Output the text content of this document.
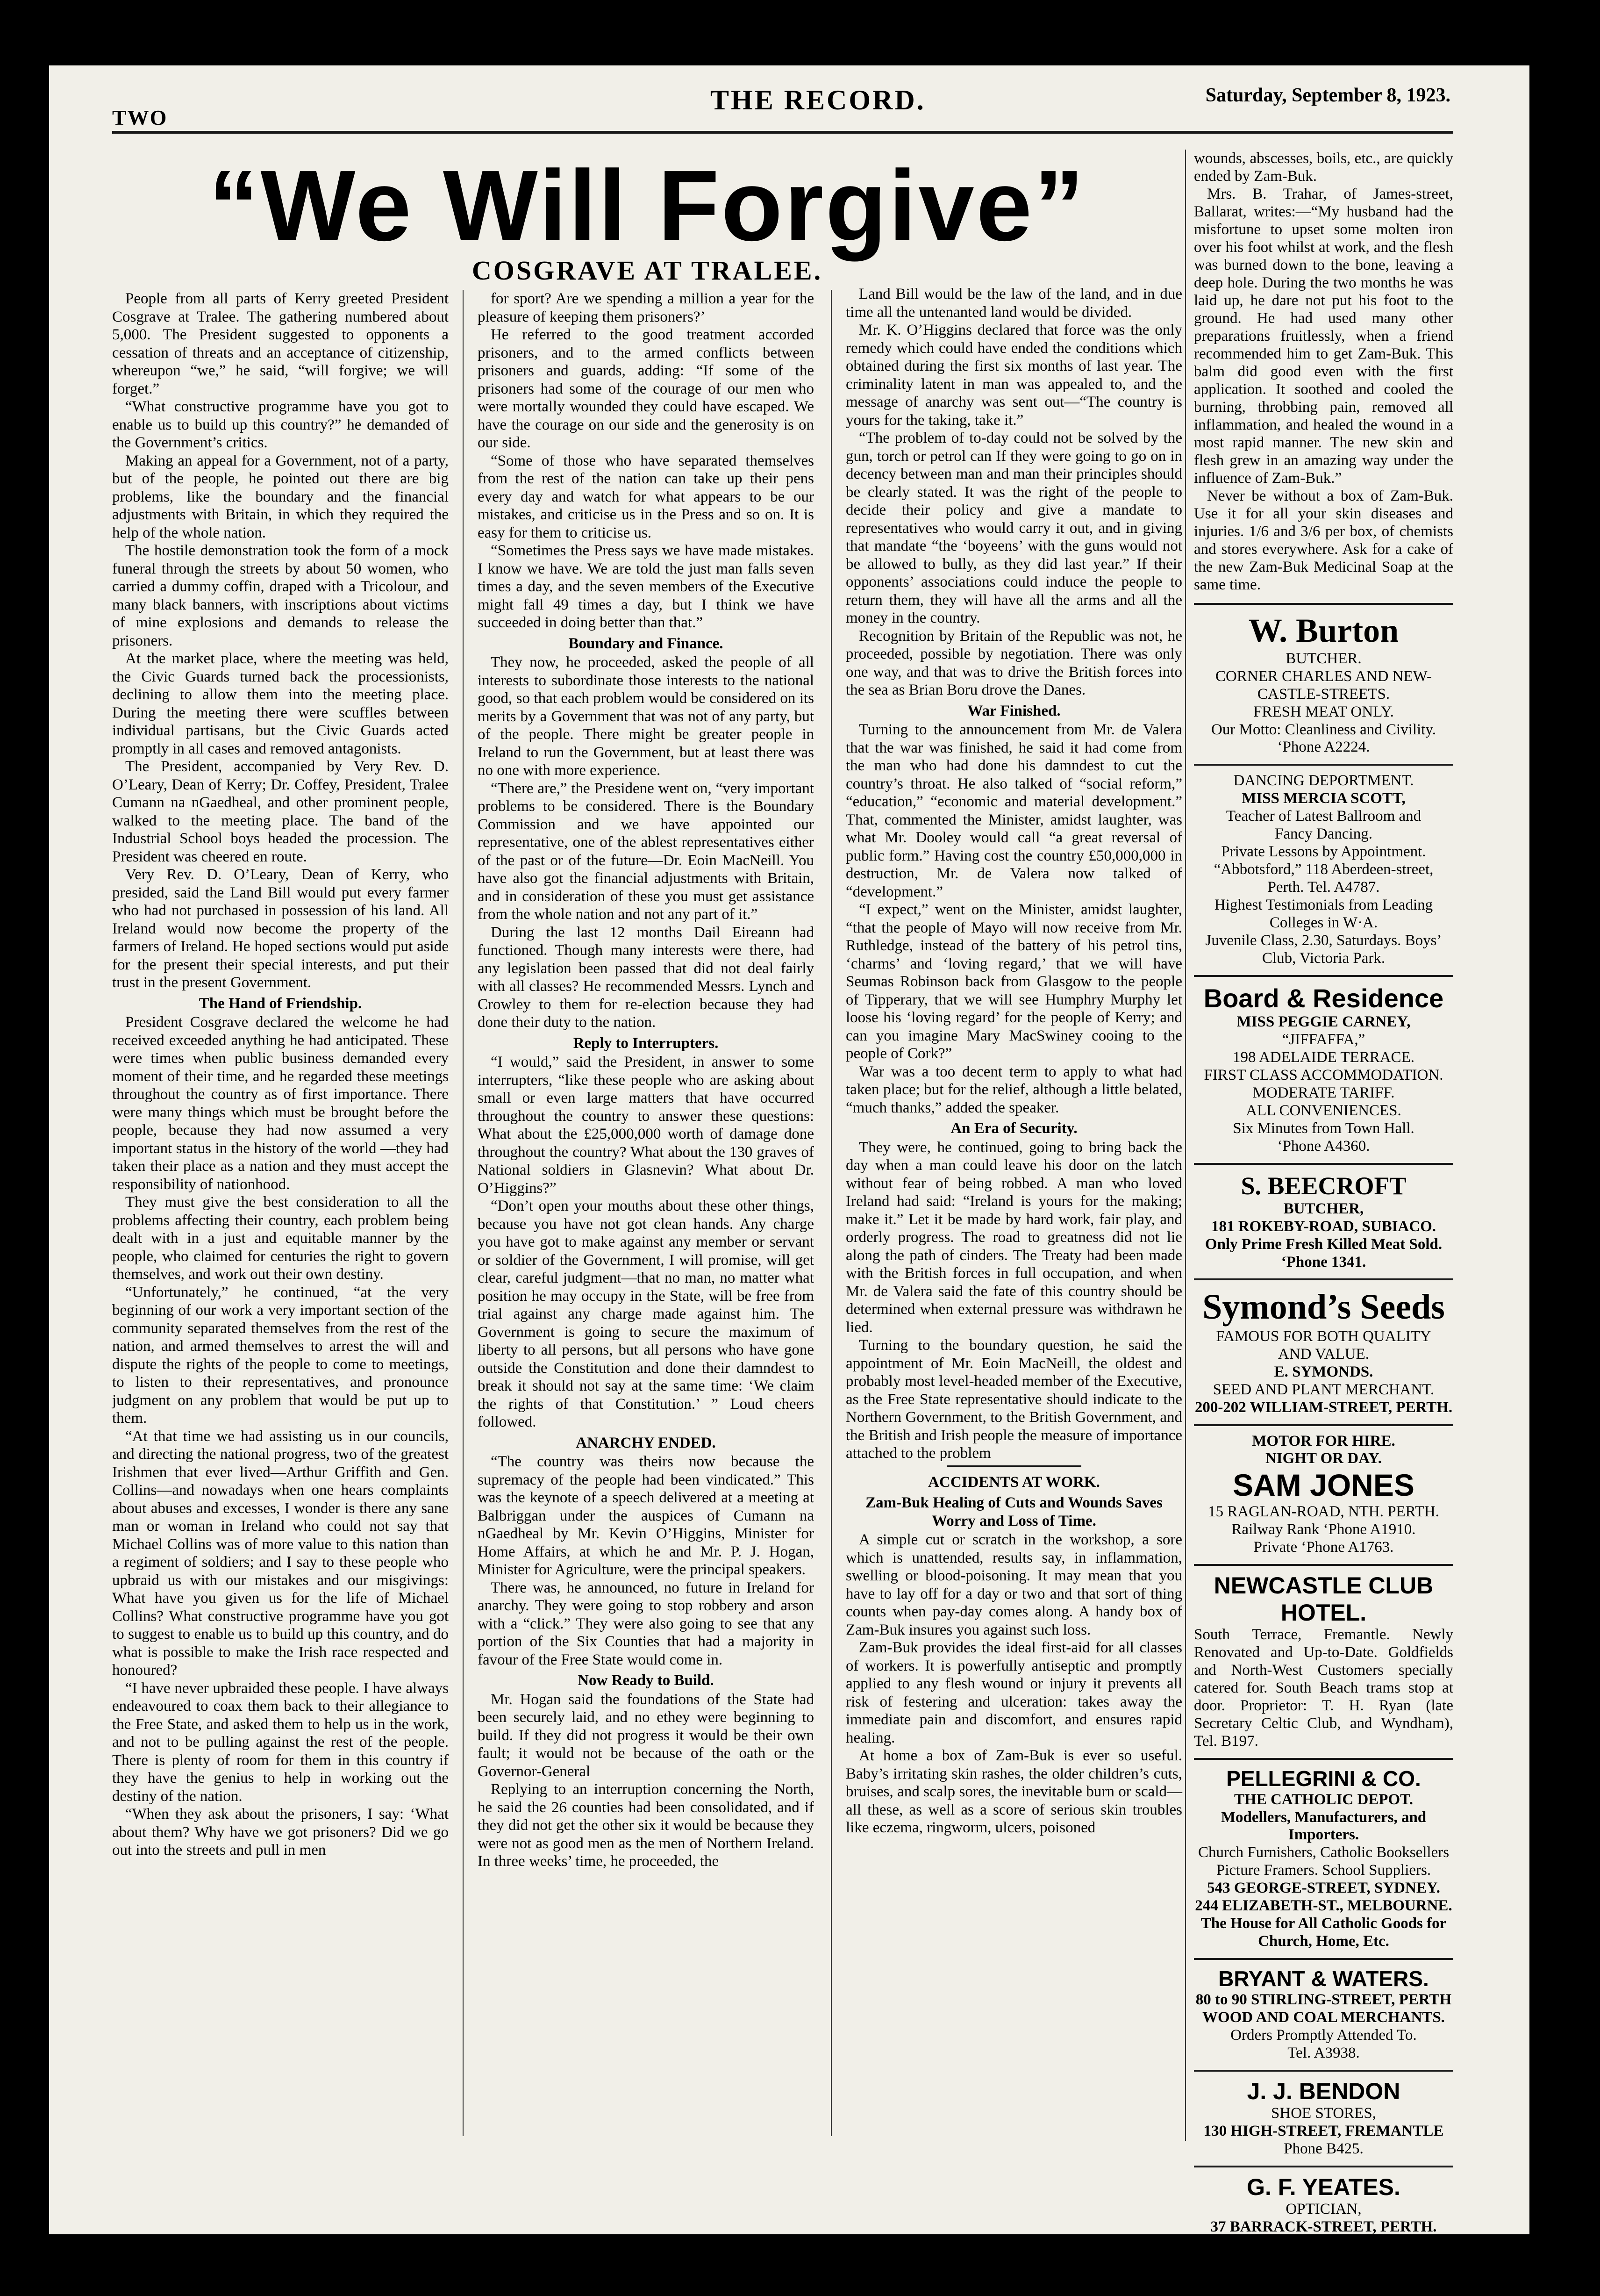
TWO
THE RECORD.	Saturday, September 8, 1923.
“We Will Forgive”
COSGRAVE AT TRALEE.

People from all parts of Kerry greeted President Cosgrave at Tralee. The gathering numbered about 5,000. The President suggested to opponents a cessation of threats and an acceptance of citizenship, whereupon “we,” he said, “will forgive; we will forget.”

“What constructive programme have you got to enable us to build up this country?” he demanded of the Government’s critics.

Making an appeal for a Government, not of a party, but of the people, he pointed out there are big problems, like the boundary and the financial adjustments with Britain, in which they required the help of the whole nation.

The hostile demonstration took the form of a mock funeral through the streets by about 50 women, who carried a dummy coffin, draped with a Tricolour, and many black banners, with inscriptions about victims of mine explosions and demands to release the prisoners.

At the market place, where the meeting was held, the Civic Guards turned back the processionists, declining to allow them into the meeting place. During the meeting there were scuffles between individual partisans, but the Civic Guards acted promptly in all cases and removed antagonists.

The President, accompanied by Very Rev. D. O’Leary, Dean of Kerry; Dr. Coffey, President, Tralee Cumann na nGaedheal, and other prominent people, walked to the meeting place. The band of the Industrial School boys headed the procession. The President was cheered en route.

Very Rev. D. O’Leary, Dean of Kerry, who presided, said the Land Bill would put every farmer who had not purchased in possession of his land. All Ireland would now become the property of the farmers of Ireland. He hoped sections would put aside for the present their special interests, and put their trust in the present Government.

The Hand of Friendship.

President Cosgrave declared the welcome he had received exceeded anything he had anticipated. These were times when public business demanded every moment of their time, and he regarded these meetings throughout the country as of first importance. There were many things which must be brought before the people, because they had now assumed a very important status in the history of the world —they had taken their place as a nation and they must accept the responsibility of nationhood.

They must give the best consideration to all the problems affecting their country, each problem being dealt with in a just and equitable manner by the people, who claimed for centuries the right to govern themselves, and work out their own destiny.

“Unfortunately,” he continued, “at the very beginning of our work a very important section of the community separated themselves from the rest of the nation, and armed themselves to arrest the will and dispute the rights of the people to come to meetings, to listen to their representatives, and pronounce judgment on any problem that would be put up to them.

“At that time we had assisting us in our councils, and directing the national progress, two of the greatest Irishmen that ever lived—Arthur Griffith and Gen. Collins—and nowadays when one hears complaints about abuses and excesses, I wonder is there any sane man or woman in Ireland who could not say that Michael Collins was of more value to this nation than a regiment of soldiers; and I say to these people who upbraid us with our mistakes and our misgivings: What have you given us for the life of Michael Collins? What constructive programme have you got to suggest to enable us to build up this country, and do what is possible to make the Irish race respected and honoured?

“I have never upbraided these people. I have always endeavoured to coax them back to their allegiance to the Free State, and asked them to help us in the work, and not to be pulling against the rest of the people. There is plenty of room for them in this country if they have the genius to help in working out the destiny of the nation.

“When they ask about the prisoners, I say: ‘What about them? Why have we got prisoners? Did we go out into the streets and pull in men

for sport? Are we spending a million a year for the pleasure of keeping them prisoners?’

He referred to the good treatment accorded prisoners, and to the armed conflicts between prisoners and guards, adding: “If some of the prisoners had some of the courage of our men who were mortally wounded they could have escaped. We have the courage on our side and the generosity is on our side.

“Some of those who have separated themselves from the rest of the nation can take up their pens every day and watch for what appears to be our mistakes, and criticise us in the Press and so on. It is easy for them to criticise us.

“Sometimes the Press says we have made mistakes. I know we have. We are told the just man falls seven times a day, and the seven members of the Executive might fall 49 times a day, but I think we have succeeded in doing better than that.”

Boundary and Finance.

They now, he proceeded, asked the people of all interests to subordinate those interests to the national good, so that each problem would be considered on its merits by a Government that was not of any party, but of the people. There might be greater people in Ireland to run the Government, but at least there was no one with more experience.

“There are,” the Presidene went on, “very important problems to be considered. There is the Boundary Commission and we have appointed our representative, one of the ablest representatives either of the past or of the future—Dr. Eoin MacNeill. You have also got the financial adjustments with Britain, and in consideration of these you must get assistance from the whole nation and not any part of it.”

During the last 12 months Dail Eireann had functioned. Though many interests were there, had any legislation been passed that did not deal fairly with all classes? He recommended Messrs. Lynch and Crowley to them for re-election because they had done their duty to the nation.

Reply to Interrupters.

“I would,” said the President, in answer to some interrupters, “like these people who are asking about small or even large matters that have occurred throughout the country to answer these questions: What about the £25,000,000 worth of damage done throughout the country? What about the 130 graves of National soldiers in Glasnevin? What about Dr. O’Higgins?”

“Don’t open your mouths about these other things, because you have not got clean hands. Any charge you have got to make against any member or servant or soldier of the Government, I will promise, will get clear, careful judgment—that no man, no matter what position he may occupy in the State, will be free from trial against any charge made against him. The Government is going to secure the maximum of liberty to all persons, but all persons who have gone outside the Constitution and done their damndest to break it should not say at the same time: ‘We claim the rights of that Constitution.’ ” Loud cheers followed.

ANARCHY ENDED.

“The country was theirs now because the supremacy of the people had been vindicated.” This was the keynote of a speech delivered at a meeting at Balbriggan under the auspices of Cumann na nGaedheal by Mr. Kevin O’Higgins, Minister for Home Affairs, at which he and Mr. P. J. Hogan, Minister for Agriculture, were the principal speakers.

There was, he announced, no future in Ireland for anarchy. They were going to stop robbery and arson with a “click.” They were also going to see that any portion of the Six Counties that had a majority in favour of the Free State would come in.

Now Ready to Build.

Mr. Hogan said the foundations of the State had been securely laid, and no ethey were beginning to build. If they did not progress it would be their own fault; it would not be because of the oath or the Governor-General

Replying to an interruption concerning the North, he said the 26 counties had been consolidated, and if they did not get the other six it would be because they were not as good men as the men of Northern Ireland. In three weeks’ time, he proceeded, the

Land Bill would be the law of the land, and in due time all the untenanted land would be divided.

Mr. K. O’Higgins declared that force was the only remedy which could have ended the conditions which obtained during the first six months of last year. The criminality latent in man was appealed to, and the message of anarchy was sent out—“The country is yours for the taking, take it.”

“The problem of to-day could not be solved by the gun, torch or petrol can If they were going to go on in decency between man and man their principles should be clearly stated. It was the right of the people to decide their policy and give a mandate to representatives who would carry it out, and in giving that mandate “the ‘boyeens’ with the guns would not be allowed to bully, as they did last year.” If their opponents’ associations could induce the people to return them, they will have all the arms and all the money in the country.

Recognition by Britain of the Republic was not, he proceeded, possible by negotiation. There was only one way, and that was to drive the British forces into the sea as Brian Boru drove the Danes.

War Finished.

Turning to the announcement from Mr. de Valera that the war was finished, he said it had come from the man who had done his damndest to cut the country’s throat. He also talked of “social reform,” “education,” “economic and material development.” That, commented the Minister, amidst laughter, was what Mr. Dooley would call “a great reversal of public form.” Having cost the country £50,000,000 in destruction, Mr. de Valera now talked of “development.”

“I expect,” went on the Minister, amidst laughter, “that the people of Mayo will now receive from Mr. Ruthledge, instead of the battery of his petrol tins, ‘charms’ and ‘loving regard,’ that we will have Seumas Robinson back from Glasgow to the people of Tipperary, that we will see Humphry Murphy let loose his ‘loving regard’ for the people of Kerry; and can you imagine Mary MacSwiney cooing to the people of Cork?”

War was a too decent term to apply to what had taken place; but for the relief, although a little belated, “much thanks,” added the speaker.

An Era of Security.

They were, he continued, going to bring back the day when a man could leave his door on the latch without fear of being robbed. A man who loved Ireland had said: “Ireland is yours for the making; make it.” Let it be made by hard work, fair play, and orderly progress. The road to greatness did not lie along the path of cinders. The Treaty had been made with the British forces in full occupation, and when Mr. de Valera said the fate of this country should be determined when external pressure was withdrawn he lied.

Turning to the boundary question, he said the appointment of Mr. Eoin MacNeill, the oldest and probably most level-headed member of the Executive, as the Free State representative should indicate to the Northern Government, to the British Government, and the British and Irish people the measure of importance attached to the problem

ACCIDENTS AT WORK.
Zam-Buk Healing of Cuts and Wounds Saves Worry and Loss of Time.

A simple cut or scratch in the workshop, a sore which is unattended, results say, in inflammation, swelling or blood-poisoning. It may mean that you have to lay off for a day or two and that sort of thing counts when pay-day comes along. A handy box of Zam-Buk insures you against such loss.

Zam-Buk provides the ideal first-aid for all classes of workers. It is powerfully antiseptic and promptly applied to any flesh wound or injury it prevents all risk of festering and ulceration: takes away the immediate pain and discomfort, and ensures rapid healing.

At home a box of Zam-Buk is ever so useful. Baby’s irritating skin rashes, the older children’s cuts, bruises, and scalp sores, the inevitable burn or scald—all these, as well as a score of serious skin troubles like eczema, ringworm, ulcers, poisoned

wounds, abscesses, boils, etc., are quickly ended by Zam-Buk.

Mrs. B. Trahar, of James-street, Ballarat, writes:—“My husband had the misfortune to upset some molten iron over his foot whilst at work, and the flesh was burned down to the bone, leaving a deep hole. During the two months he was laid up, he dare not put his foot to the ground. He had used many other preparations fruitlessly, when a friend recommended him to get Zam-Buk. This balm did good even with the first application. It soothed and cooled the burning, throbbing pain, removed all inflammation, and healed the wound in a most rapid manner. The new skin and flesh grew in an amazing way under the influence of Zam-Buk.”

Never be without a box of Zam-Buk. Use it for all your skin diseases and injuries. 1/6 and 3/6 per box, of chemists and stores everywhere. Ask for a cake of the new Zam-Buk Medicinal Soap at the same time.

W. Burton
BUTCHER.
CORNER CHARLES AND NEW-
CASTLE-STREETS.
FRESH MEAT ONLY.
Our Motto: Cleanliness and Civility.
‘Phone A2224.
DANCING DEPORTMENT.
MISS MERCIA SCOTT,
Teacher of Latest Ballroom and
Fancy Dancing.
Private Lessons by Appointment.
“Abbotsford,” 118 Aberdeen-street,
Perth. Tel. A4787.
Highest Testimonials from Leading
Colleges in W·A.
Juvenile Class, 2.30, Saturdays. Boys’
Club, Victoria Park.
Board & Residence
MISS PEGGIE CARNEY,
“JIFFAFFA,”
198 ADELAIDE TERRACE.
FIRST CLASS ACCOMMODATION.
MODERATE TARIFF.
ALL CONVENIENCES.
Six Minutes from Town Hall.
‘Phone A4360.
S. BEECROFT
BUTCHER,
181 ROKEBY-ROAD, SUBIACO.
Only Prime Fresh Killed Meat Sold.
‘Phone 1341.
Symond’s Seeds
FAMOUS FOR BOTH QUALITY
AND VALUE.
E. SYMONDS.
SEED AND PLANT MERCHANT.
200-202 WILLIAM-STREET, PERTH.
MOTOR FOR HIRE.
NIGHT OR DAY.
SAM JONES
15 RAGLAN-ROAD, NTH. PERTH.
Railway Rank ‘Phone A1910.
Private ‘Phone A1763.
NEWCASTLE CLUB
HOTEL.
South Terrace, Fremantle. Newly Renovated and Up-to-Date. Goldfields and North-West Customers specially catered for. South Beach trams stop at door. Proprietor: T. H. Ryan (late Secretary Celtic Club, and Wyndham), Tel. B197.
PELLEGRINI & CO.
THE CATHOLIC DEPOT.
Modellers, Manufacturers, and
Importers.
Church Furnishers, Catholic Booksellers
Picture Framers. School Suppliers.
543 GEORGE-STREET, SYDNEY.
244 ELIZABETH-ST., MELBOURNE.
The House for All Catholic Goods for
Church, Home, Etc.
BRYANT & WATERS.
80 to 90 STIRLING-STREET, PERTH
WOOD AND COAL MERCHANTS.
Orders Promptly Attended To.
Tel. A3938.
J. J. BENDON
SHOE STORES,
130 HIGH-STREET, FREMANTLE
Phone B425.
G. F. YEATES.
OPTICIAN,
37 BARRACK-STREET, PERTH.
(Opposite Town Hall.)
